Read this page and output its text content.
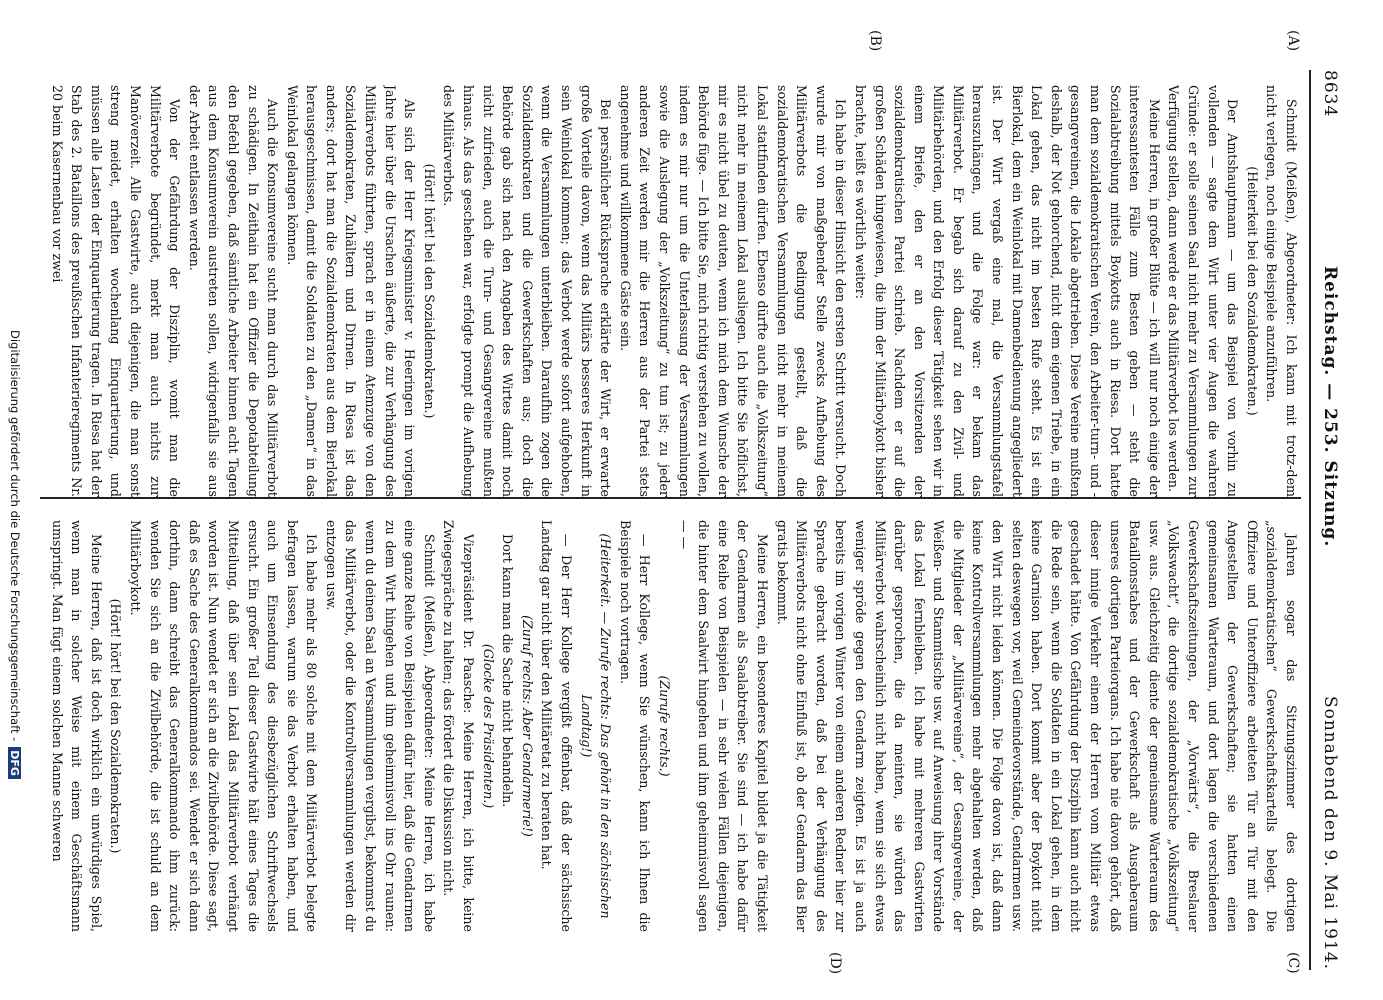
8634
Reichstag. — 253. Sitzung.
Sonnabend den 9. Mai 1914.
(A)
(B)
(C)
(D)

Schmidt (Meißen), Abgeordneter: Ich kann mit trotz-dem nicht verlegen, noch einige Beispiele anzuführen.

(Heiterkeit bei den Sozialdemokraten.)

Der Amtshauptmann — um das Beispiel von vorhin zu vollenden — sagte dem Wirt unter vier Augen die wahren Gründe: er solle seinen Saal nicht mehr zu Versammlungen zur Verfügung stellen, dann werde er das Militärverbot los werden.

Meine Herren, in großer Blüte — ich will nur noch einige der interessantesten Fälle zum Besten geben — steht die Sozialabtreibung mittels Boykotts auch in Riesa. Dort hatte man dem sozialdemokratischen Verein, den Arbeiter-turn- und -gesangvereinen, die Lokale abgetrieben. Diese Vereine mußten deshalb, der Not gehorchend, nicht dem eigenen Triebe, in ein Lokal gehen, das nicht im besten Rufe steht. Es ist ein Bierlokal, dem ein Weinlokal mit Damenbedienung angegliedert ist. Der Wirt vergaß eine mal, die Versammlungstafel herauszuhängen, und die Folge war: er bekam das Militärverbot. Er begab sich darauf zu den Zivil- und Militärbehörden, und den Erfolg dieser Tätigkeit sehen wir in einem Briefe, den er an den Vorsitzenden der sozialdemokratischen Partei schrieb. Nachdem er auf die großen Schäden hingewiesen, die ihm der Militärboykott bisher brachte, heißt es wörtlich weiter:

Ich habe in dieser Hinsicht den ersten Schritt versucht. Doch wurde mir von maßgebender Stelle zwecks Aufhebung des Militärverbots die Bedingung gestellt, daß die sozialdemokratischen Versammlungen nicht mehr in meinem Lokal stattfinden dürfen. Ebenso dürfte auch die „Volkszeitung“ nicht mehr in meinem Lokal ausliegen. Ich bitte Sie höflichst, mir es nicht übel zu deuten, wenn ich mich dem Wunsche der Behörde füge. — Ich bitte Sie, mich richtig verstehen zu wollen, indem es mir nur um die Unterlassung der Versammlungen sowie die Auslegung der „Volkszeitung“ zu tun ist; zu jeder anderen Zeit werden mir die Herren aus der Partei stets angenehme und willkommene Gäste sein.

Bei persönlicher Rücksprache erklärte der Wirt, er erwarte große Vorteile davon, wenn das Militärs besseres Herkunft in sein Weinlokal kommen; das Verbot werde sofort aufgehoben, wenn die Versammlungen unterbleiben. Daraufhin zogen die Sozialdemokraten und die Gewerkschaften aus; doch die Behörde gab sich nach den Angaben des Wirtes damit noch nicht zufrieden, auch die Turn- und Gesangvereine mußten hinaus. Als das geschehen war, erfolgte prompt die Aufhebung des Militärverbots.

(Hört! hört! bei den Sozialdemokraten.)

Als sich der Herr Kriegsminister v. Heeringen im vorigen Jahre hier über die Ursachen äußerte, die zur Verhängung des Militärverbots führten, sprach er in einem Atemzuge von den Sozialdemokraten, Zuhältern und Dirnen. In Riesa ist das anders; dort hat man die Sozialdemokraten aus dem Bierlokal herausgeschmissen, damit die Soldaten zu den „Damen“ in das Weinlokal gelangen können.

Auch die Konsumvereine sucht man durch das Militärverbot zu schädigen. In Zeithain hat ein Offizier die Depotabteilung den Befehl gegeben, daß sämtliche Arbeiter binnen acht Tagen aus dem Konsumverein austreten sollen, widrigenfalls sie aus der Arbeit entlassen werden.

Von der Gefährdung der Disziplin, womit man die Militärverbote begründet, merkt man auch nichts zur Manöverzeit. Alle Gastwirte, auch diejenigen, die man sonst streng meidet, erhalten wochenlang Einquartierung, und müssen alle Lasten der Einquartierung tragen. In Riesa hat der Stab des 2. Bataillons des preußischen Infanterieregiments Nr. 20 beim Kasernenbau vor zwei

Jahren sogar das Sitzungszimmer des dortigen „sozialdemokratischen“ Gewerkschaftskartells belegt. Die Offiziere und Unteroffiziere arbeiteten Tür an Tür mit den Angestellten der Gewerkschaften; sie hatten einen gemeinsamen Warteraum, und dort lagen die verschiedenen Gewerkschaftszeitungen, der „Vorwärts“, die Breslauer „Volkswacht“, die dortige sozialdemokratische „Volkszeitung“ usw. aus. Gleichzeitig diente der gemeinsame Warteraum des Bataillonsstabes und der Gewerkschaft als Ausgaberaum unseres dortigen Parteiorgans. Ich habe nie davon gehört, daß dieser innige Verkehr einem der Herren vom Militär etwas geschadet hätte. Von Gefährdung der Disziplin kann auch nicht die Rede sein, wenn die Soldaten in ein Lokal gehen, in dem keine Garnison haben. Dort kommt aber der Boykott nicht selten deswegen vor, weil Gemeindevorstände, Gendarmen usw. den Wirt nicht leiden können. Die Folge davon ist, daß dann keine Kontrollversammlungen mehr abgehalten werden, daß die Mitglieder der „Militärvereine“, der Gesangvereine, der Weißen- und Stammtische usw. auf Anweisung ihrer Vorstände das Lokal fernbleiben. Ich habe mit mehreren Gastwirten darüber gesprochen, die da meinten, sie würden das Militärverbot wahrscheinlich nicht haben, wenn sie sich etwas weniger spröde gegen den Gendarm zeigten. Es ist ja auch bereits im vorigen Winter von einem anderen Redner hier zur Sprache gebracht worden, daß bei der Verhängung des Militärverbots nicht ohne Einfluß ist, ob der Gendarm das Bier gratis bekommt.

Meine Herren, ein besonderes Kapitel bildet ja die Tätigkeit der Gendarmen als Saalabtreiber. Sie sind — ich habe dafür eine Reihe von Beispielen — in sehr vielen Fällen diejenigen, die hinter dem Saalwirt hingehen und ihm geheimnisvoll sagen — —

(Zurufe rechts.)

— Herr Kollege, wenn Sie wünschen, kann ich Ihnen die Beispiele noch vortragen.

(Heiterkeit. — Zurufe rechts: Das gehört in den sächsischen Landtag!)

— Der Herr Kollege vergißt offenbar, daß der sächsische Landtag gar nicht über den Militäretat zu beraten hat.

(Zuruf rechts: Aber Gendarmerie!)

Dort kann man die Sache nicht behandeln.

(Glocke des Präsidenten.)

Vizepräsident Dr. Paasche: Meine Herren, ich bitte, keine Zwiegespräche zu halten; das fördert die Diskussion nicht.

Schmidt (Meißen), Abgeordneter: Meine Herren, ich habe eine ganze Reihe von Beispielen dafür hier, daß die Gendarmen zu dem Wirt hingehen und ihm geheimnisvoll ins Ohr raunen: wenn du deinen Saal an Versammlungen vergibst, bekommst du das Militärverbot, oder die Kontrollversammlungen werden dir entzogen usw.

Ich habe mehr als 80 solche mit dem Militärverbot belegte befragen lassen, warum sie das Verbot erhalten haben, und auch um Einsendung des diesbezüglichen Schriftwechsels ersucht. Ein großer Teil dieser Gastwirte hält eines Tages die Mitteilung, daß über sein Lokal das Militärverbot verhängt worden ist. Nun wendet er sich an die Zivilbehörde. Diese sagt, daß es Sache des Generalkommandos sei. Wendet er sich dann dorthin, dann schreibt das Generalkommando ihm zurück: wenden Sie sich an die Zivilbehörde, die ist schuld an dem Militärboykott.

(Hört! hört! bei den Sozialdemokraten.)

Meine Herren, daß ist doch wirklich ein unwürdiges Spiel, wenn man in solcher Weise mit einem Geschäftsmann umspringt. Man fügt einem solchen Manne schweren

Digitalisierung gefördert durch die Deutsche Forschungsgemeinschaft -
DFG
